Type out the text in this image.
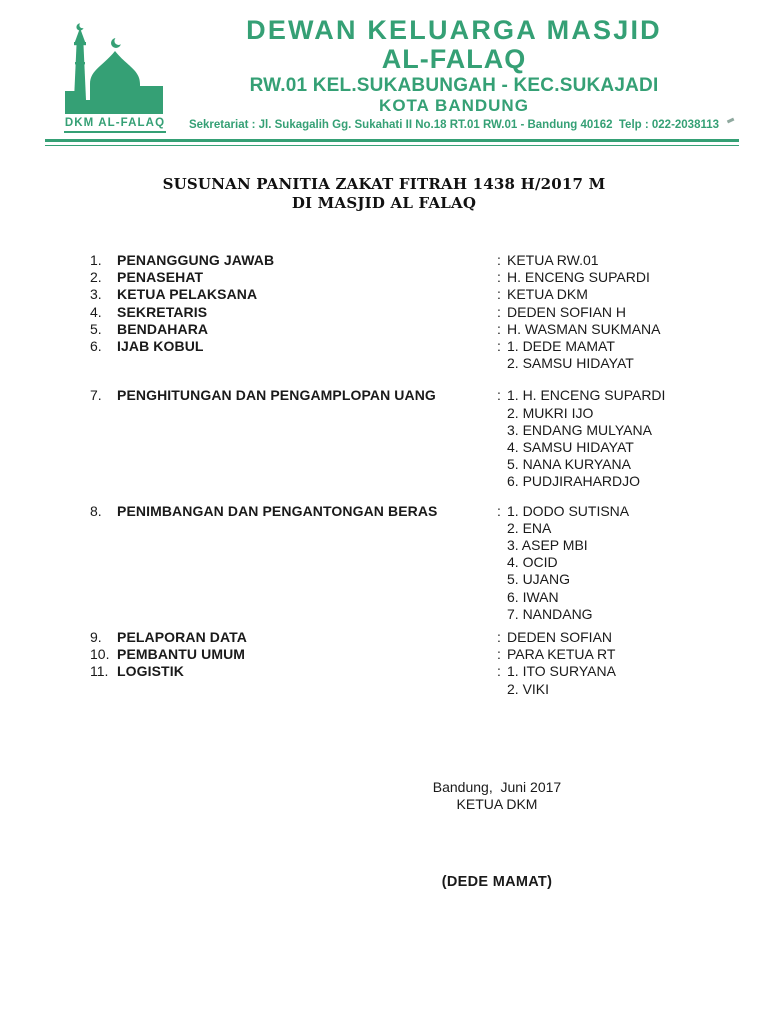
DKM AL-FALAQ
DEWAN KELUARGA MASJID
AL-FALAQ
RW.01 KEL.SUKABUNGAH - KEC.SUKAJADI
KOTA BANDUNG
Sekretariat : Jl. Sukagalih Gg. Sukahati II No.18 RT.01 RW.01 - Bandung 40162  Telp : 022-2038113
SUSUNAN PANITIA ZAKAT FITRAH 1438 H/2017 M
DI MASJID AL FALAQ
1.	PENANGGUNG JAWAB	: KETUA RW.01
2.	PENASEHAT	: H. ENCENG SUPARDI
3.	KETUA PELAKSANA	: KETUA DKM
4.	SEKRETARIS	: DEDEN SOFIAN H
5.	BENDAHARA	: H. WASMAN SUKMANA
6.	IJAB KOBUL	: 1. DEDE MAMAT
2. SAMSU HIDAYAT
7.	PENGHITUNGAN DAN PENGAMPLOPAN UANG	: 1. H. ENCENG SUPARDI
2. MUKRI IJO
3. ENDANG MULYANA
4. SAMSU HIDAYAT
5. NANA KURYANA
6. PUDJIRAHARDJO
8.	PENIMBANGAN DAN PENGANTONGAN BERAS	: 1. DODO SUTISNA
2. ENA
3. ASEP MBI
4. OCID
5. UJANG
6. IWAN
7. NANDANG
9.	PELAPORAN DATA	: DEDEN SOFIAN
10. PEMBANTU UMUM	: PARA KETUA RT
11. LOGISTIK	: 1. ITO SURYANA
2. VIKI
Bandung,  Juni 2017
KETUA DKM
(DEDE MAMAT)
